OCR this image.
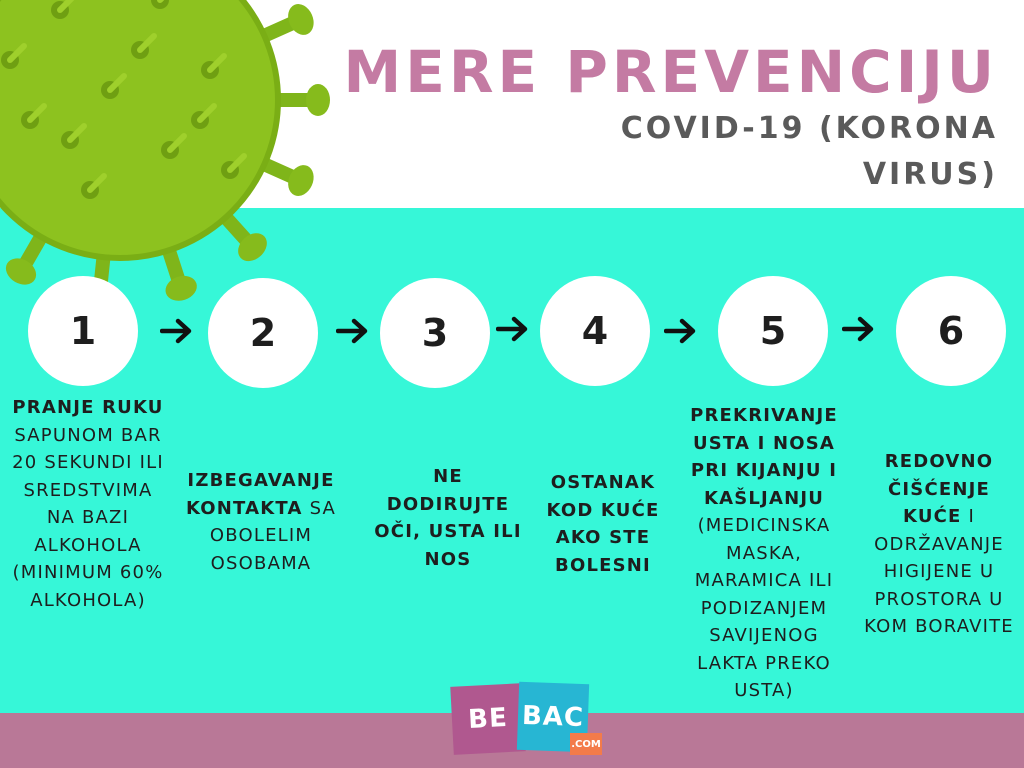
MERE PREVENCIJU
COVID-19 (KORONA VIRUS)
1	2	3	4	5	6
PRANJE RUKU SAPUNOM BAR 20 SEKUNDI ILI SREDSTVIMA NA BAZI ALKOHOLA (MINIMUM 60% ALKOHOLA)
IZBEGAVANJE KONTAKTA SA OBOLELIM OSOBAMA
NE DODIRUJTE OČI, USTA ILI NOS
OSTANAK KOD KUĆE AKO STE BOLESNI
PREKRIVANJE USTA I NOSA PRI KIJANJU I KAŠLJANJU (MEDICINSKA MASKA, MARAMICA ILI PODIZANJEM SAVIJENOG LAKTA PREKO USTA)
REDOVNO ČIŠĆENJE KUĆE I ODRŽAVANJE HIGIJENE U PROSTORA U KOM BORAVITE
BE BAC
.COM
